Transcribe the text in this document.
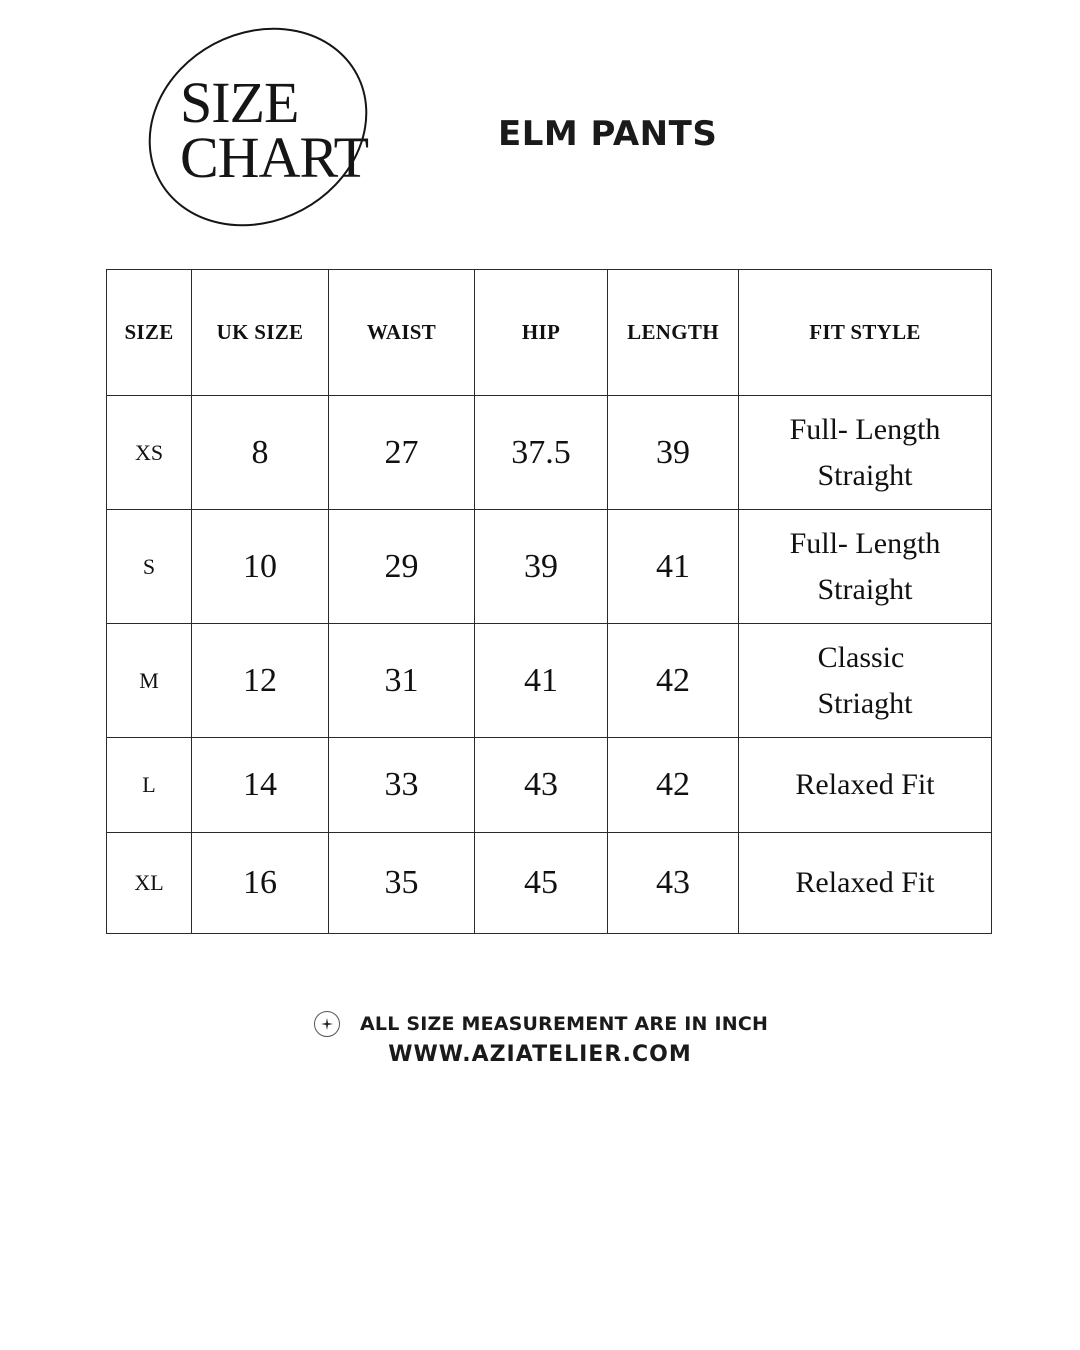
SIZE
CHART	ELM PANTS
SIZE	UK SIZE	WAIST	HIP	LENGTH	FIT STYLE
XS	8	27	37.5	39	Full- Length
Straight

S	10	29	39	41	Full- Length
Straight

M	12	31	41	42	Classic
Striaght

L	14	33	43	42	Relaxed Fit
XL	16	35	45	43	Relaxed Fit
ALL SIZE MEASUREMENT ARE IN INCH
WWW.AZIATELIER.COM
